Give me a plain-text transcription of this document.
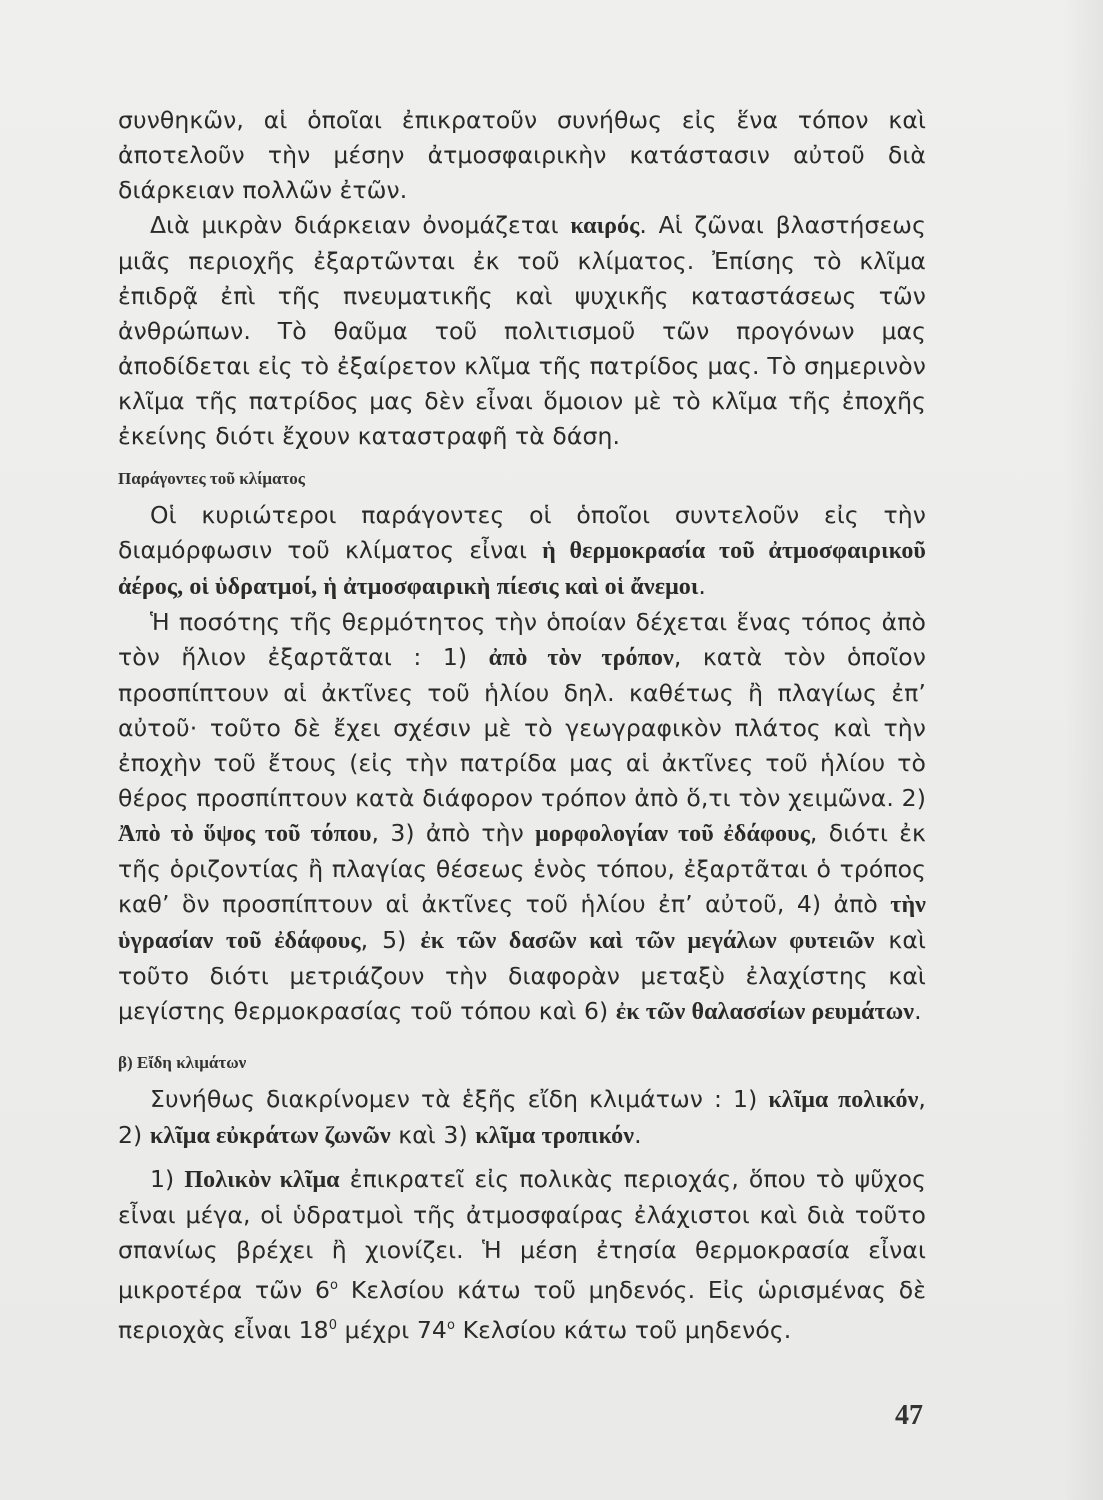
συνθηκῶν, αἱ ὁποῖαι ἐπικρατοῦν συνήθως εἰς ἕνα τόπον καὶ ἀποτελοῦν τὴν μέσην ἀτμοσφαιρικὴν κατάστασιν αὐτοῦ διὰ διάρκειαν πολλῶν ἐτῶν.

Διὰ μικρὰν διάρκειαν ὀνομάζεται καιρός. Αἱ ζῶναι βλαστήσεως μιᾶς περιοχῆς ἐξαρτῶνται ἐκ τοῦ κλίματος. Ἐπίσης τὸ κλῖμα ἐπιδρᾷ ἐπὶ τῆς πνευματικῆς καὶ ψυχικῆς καταστάσεως τῶν ἀνθρώπων. Τὸ θαῦμα τοῦ πολιτισμοῦ τῶν προγόνων μας ἀποδίδεται εἰς τὸ ἐξαίρετον κλῖμα τῆς πατρίδος μας. Τὸ σημερινὸν κλῖμα τῆς πατρίδος μας δὲν εἶναι ὅμοιον μὲ τὸ κλῖμα τῆς ἐποχῆς ἐκείνης διότι ἔχουν καταστραφῆ τὰ δάση.

Παράγοντες τοῦ κλίματος

Οἱ κυριώτεροι παράγοντες οἱ ὁποῖοι συντελοῦν εἰς τὴν διαμόρφωσιν τοῦ κλίματος εἶναι ἡ θερμοκρασία τοῦ ἀτμοσφαιρικοῦ ἀέρος, οἱ ὑδρατμοί, ἡ ἀτμοσφαιρικὴ πίεσις καὶ οἱ ἄνεμοι.

Ἡ ποσότης τῆς θερμότητος τὴν ὁποίαν δέχεται ἕνας τόπος ἀπὸ τὸν ἥλιον ἐξαρτᾶται : 1) ἀπὸ τὸν τρόπον, κατὰ τὸν ὁποῖον προσπίπτουν αἱ ἀκτῖνες τοῦ ἡλίου δηλ. καθέτως ἢ πλαγίως ἐπ’ αὐτοῦ· τοῦτο δὲ ἔχει σχέσιν μὲ τὸ γεωγραφικὸν πλάτος καὶ τὴν ἐποχὴν τοῦ ἔτους (εἰς τὴν πατρίδα μας αἱ ἀκτῖνες τοῦ ἡλίου τὸ θέρος προσπίπτουν κατὰ διάφορον τρόπον ἀπὸ ὅ,τι τὸν χειμῶνα. 2) Ἀπὸ τὸ ὕψος τοῦ τόπου, 3) ἀπὸ τὴν μορφολογίαν τοῦ ἐδάφους, διότι ἐκ τῆς ὁριζοντίας ἢ πλαγίας θέσεως ἑνὸς τόπου, ἐξαρτᾶται ὁ τρόπος καθ’ ὃν προσπίπτουν αἱ ἀκτῖνες τοῦ ἡλίου ἐπ’ αὐτοῦ, 4) ἀπὸ τὴν ὑγρασίαν τοῦ ἐδάφους, 5) ἐκ τῶν δασῶν καὶ τῶν μεγάλων φυτειῶν καὶ τοῦτο διότι μετριάζουν τὴν διαφορὰν μεταξὺ ἐλαχίστης καὶ μεγίστης θερμοκρασίας τοῦ τόπου καὶ 6) ἐκ τῶν θαλασσίων ρευμάτων.

β) Εἴδη κλιμάτων

Συνήθως διακρίνομεν τὰ ἑξῆς εἴδη κλιμάτων : 1) κλῖμα πολικόν, 2) κλῖμα εὐκράτων ζωνῶν καὶ 3) κλῖμα τροπικόν.

1) Πολικὸν κλῖμα ἐπικρατεῖ εἰς πολικὰς περιοχάς, ὅπου τὸ ψῦχος εἶναι μέγα, οἱ ὑδρατμοὶ τῆς ἀτμοσφαίρας ἐλάχιστοι καὶ διὰ τοῦτο σπανίως βρέχει ἢ χιονίζει. Ἡ μέση ἐτησία θερμοκρασία εἶναι μικροτέρα τῶν $6^o$ Κελσίου κάτω τοῦ μηδενός. Εἰς ὡρισμένας δὲ περιοχὰς εἶναι $18^0$ μέχρι $74^o$ Κελσίου κάτω τοῦ μηδενός.

47
